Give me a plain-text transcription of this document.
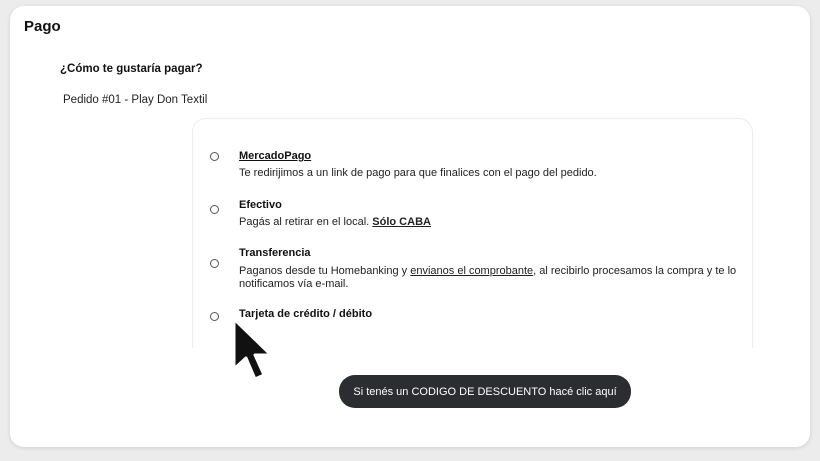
Pago
¿Cómo te gustaría pagar?
Pedido #01 - Play Don Textil
MercadoPago
Te redirijimos a un link de pago para que finalices con el pago del pedido.
Efectivo
Pagás al retirar en el local. Sólo CABA
Transferencia
Paganos desde tu Homebanking y envianos el comprobante, al recibirlo procesamos la compra y te lo notificamos vía e-mail.
Tarjeta de crédito / débito
Si tenés un CODIGO DE DESCUENTO hacé clic aquí
